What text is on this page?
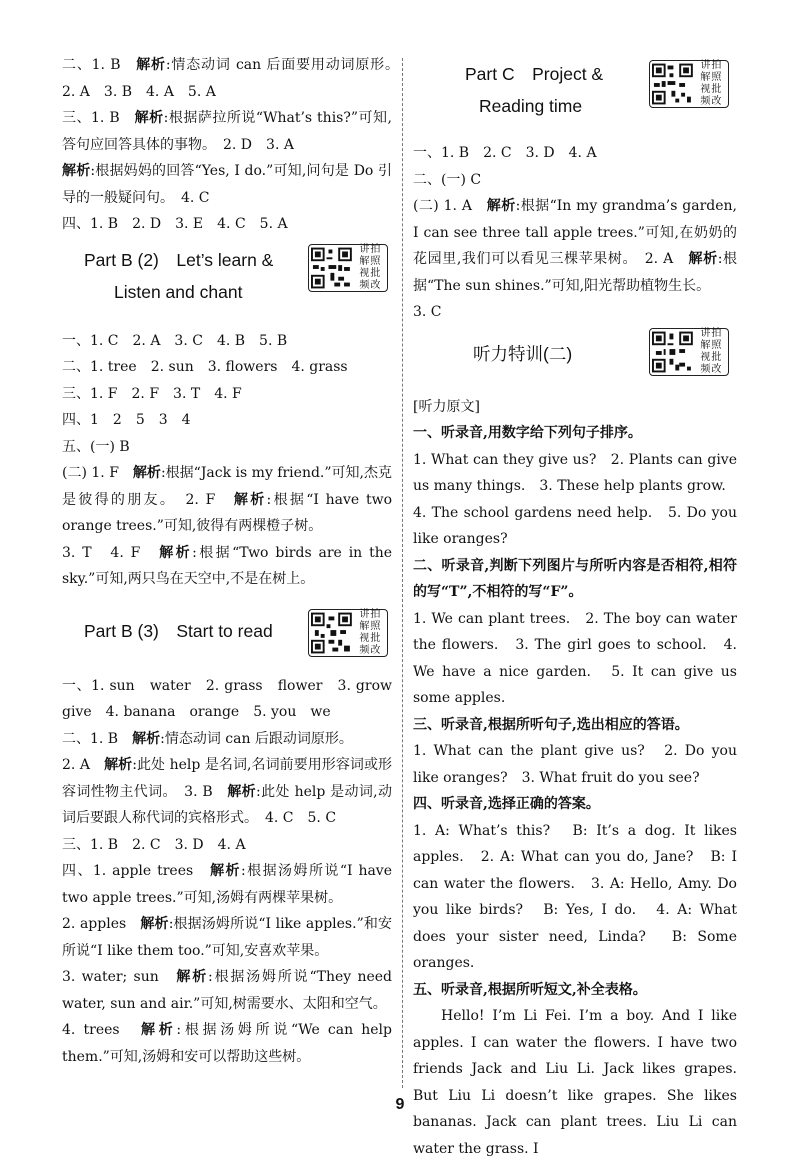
二、1. B　解析:情态动词 can 后面要用动词原形。　2. A　3. B　4. A　5. A

三、1. B　解析:根据萨拉所说“What’s this?”可知,答句应回答具体的事物。　2. D　3. A

解析:根据妈妈的回答“Yes, I do.”可知,问句是 Do 引导的一般疑问句。　4. C

四、1. B　2. D　3. E　4. C　5. A

Part B (2)　Let’s learn &
Listen and chant
讲拍解照视批频改

一、1. C　2. A　3. C　4. B　5. B

二、1. tree　2. sun　3. flowers　4. grass

三、1. F　2. F　3. T　4. F

四、1　2　5　3　4

五、(一) B

(二) 1. F　解析:根据“Jack is my friend.”可知,杰克是彼得的朋友。　2. F　解析:根据“I have two orange trees.”可知,彼得有两棵橙子树。

3. T　4. F　解析:根据“Two birds are in the sky.”可知,两只鸟在天空中,不是在树上。

Part B (3)　Start to read
讲拍解照视批频改

一、1. sun　water　2. grass　flower　3. grow　give　4. banana　orange　5. you　we

二、1. B　解析:情态动词 can 后跟动词原形。

2. A　解析:此处 help 是名词,名词前要用形容词或形容词性物主代词。　3. B　解析:此处 help 是动词,动词后要跟人称代词的宾格形式。　4. C　5. C

三、1. B　2. C　3. D　4. A

四、1. apple trees　解析:根据汤姆所说“I have two apple trees.”可知,汤姆有两棵苹果树。

2. apples　解析:根据汤姆所说“I like apples.”和安所说“I like them too.”可知,安喜欢苹果。

3. water; sun　解析:根据汤姆所说“They need water, sun and air.”可知,树需要水、太阳和空气。

4. trees　解析:根据汤姆所说“We can help them.”可知,汤姆和安可以帮助这些树。

Part C　Project &
Reading time
讲拍解照视批频改

一、1. B　2. C　3. D　4. A

二、(一) C

(二) 1. A　解析:根据“In my grandma’s garden, I can see three tall apple trees.”可知,在奶奶的花园里,我们可以看见三棵苹果树。　2. A　解析:根据“The sun shines.”可知,阳光帮助植物生长。

3. C

听力特训(二)
讲拍解照视批频改

[听力原文]

一、听录音,用数字给下列句子排序。

1. What can they give us?　2. Plants can give us many things.　3. These help plants grow.

4. The school gardens need help.　5. Do you like oranges?

二、听录音,判断下列图片与所听内容是否相符,相符的写“T”,不相符的写“F”。

1. We can plant trees.　2. The boy can water the flowers.　3. The girl goes to school.　4. We have a nice garden.　5. It can give us some apples.

三、听录音,根据所听句子,选出相应的答语。

1. What can the plant give us?　2. Do you like oranges?　3. What fruit do you see?

四、听录音,选择正确的答案。

1. A: What’s this?　B: It’s a dog. It likes apples.　2. A: What can you do, Jane?　B: I can water the flowers.　3. A: Hello, Amy. Do you like birds?　B: Yes, I do.　4. A: What does your sister need, Linda?　B: Some oranges.

五、听录音,根据所听短文,补全表格。

Hello! I’m Li Fei. I’m a boy. And I like apples. I can water the flowers. I have two friends Jack and Liu Li. Jack likes grapes. But Liu Li doesn’t like grapes. She likes bananas. Jack can plant trees. Liu Li can water the grass. I

9
